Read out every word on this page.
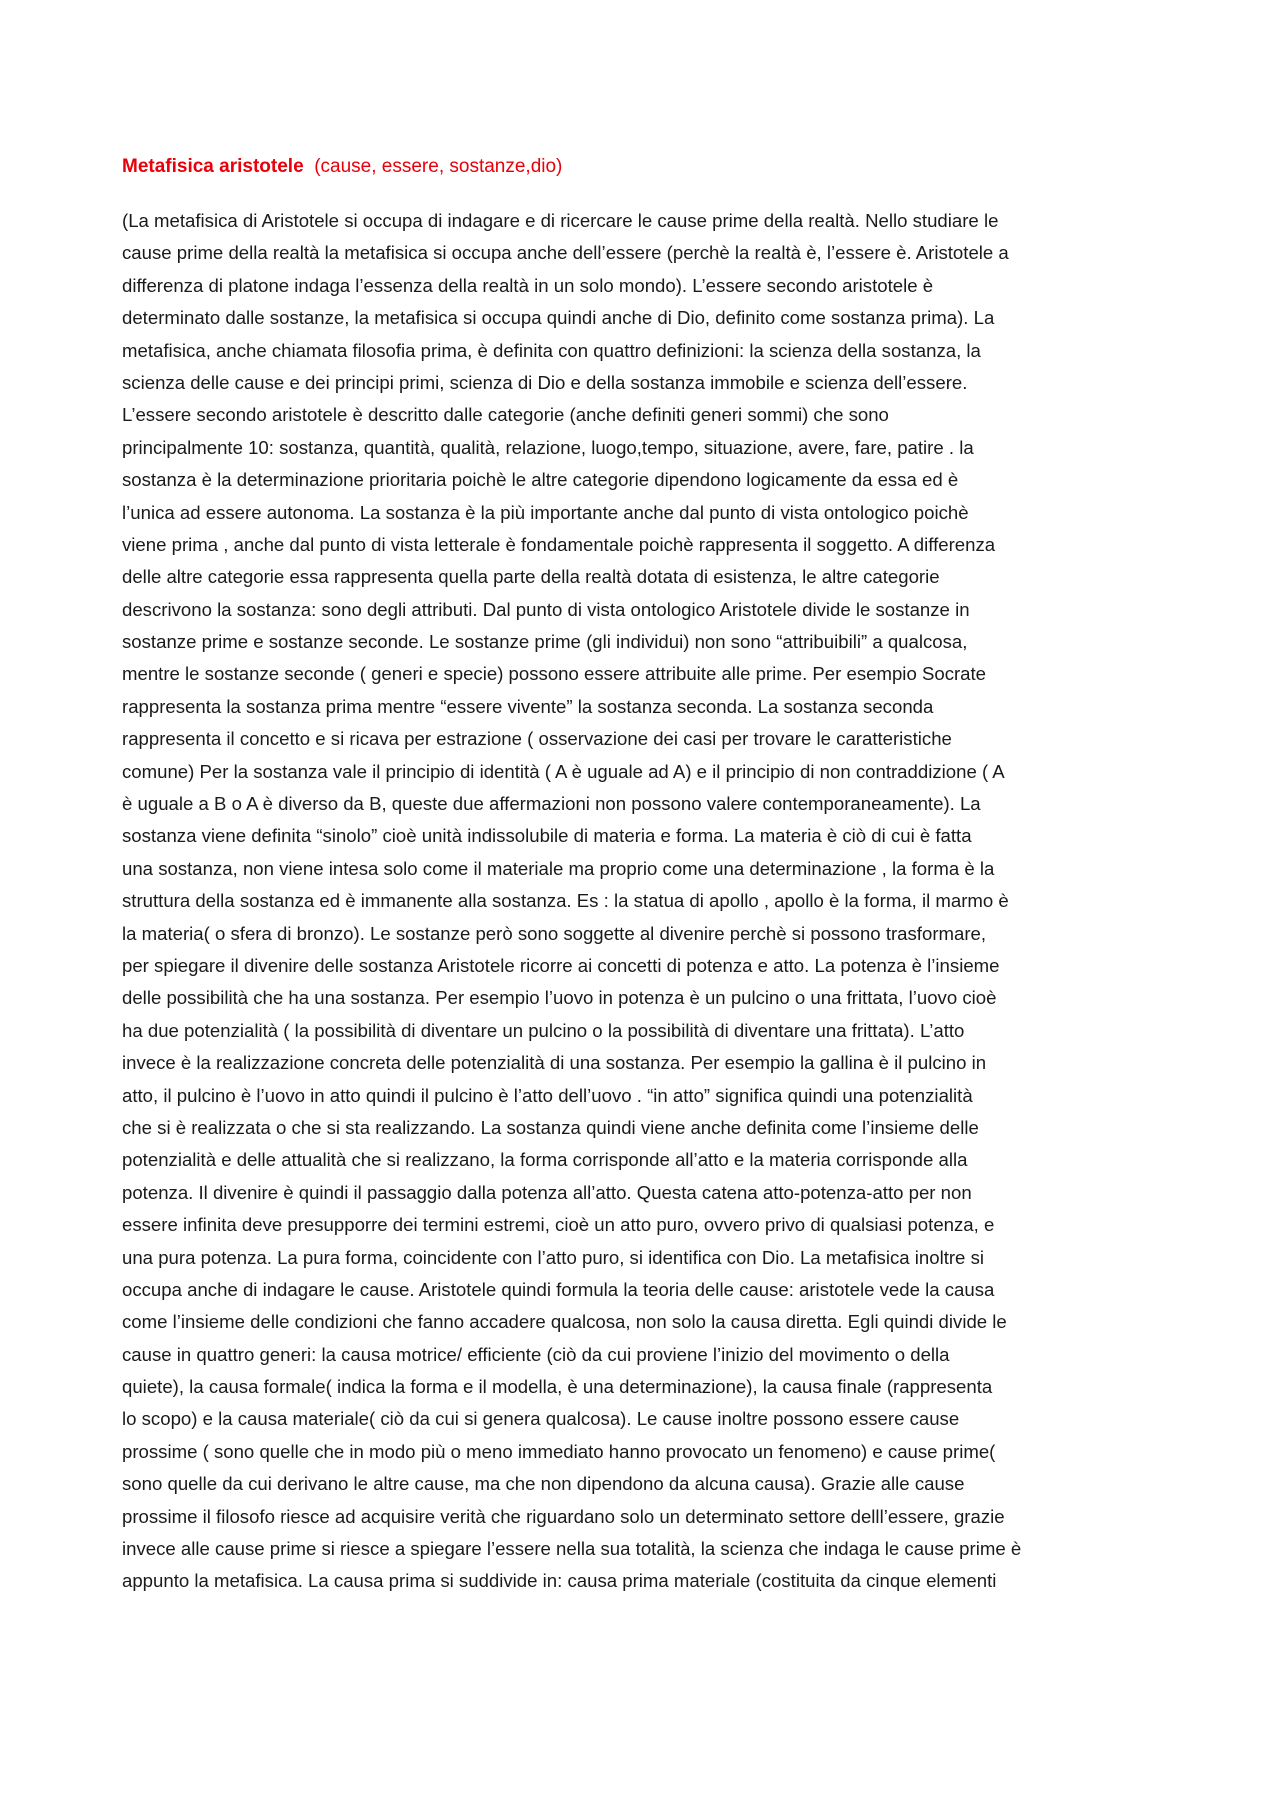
Metafisica aristotele (cause, essere, sostanze,dio)
(La metafisica di Aristotele si occupa di indagare e di ricercare le cause prime della realtà. Nello studiare le
cause prime della realtà la metafisica si occupa anche dell’essere (perchè la realtà è, l’essere è. Aristotele a
differenza di platone indaga l’essenza della realtà in un solo mondo). L’essere secondo aristotele è
determinato dalle sostanze, la metafisica si occupa quindi anche di Dio, definito come sostanza prima). La
metafisica, anche chiamata filosofia prima, è definita con quattro definizioni: la scienza della sostanza, la
scienza delle cause e dei principi primi, scienza di Dio e della sostanza immobile e scienza dell’essere.
L’essere secondo aristotele è descritto dalle categorie (anche definiti generi sommi) che sono
principalmente 10: sostanza, quantità, qualità, relazione, luogo,tempo, situazione, avere, fare, patire . la
sostanza è la determinazione prioritaria poichè le altre categorie dipendono logicamente da essa ed è
l’unica ad essere autonoma. La sostanza è la più importante anche dal punto di vista ontologico poichè
viene prima , anche dal punto di vista letterale è fondamentale poichè rappresenta il soggetto. A differenza
delle altre categorie essa rappresenta quella parte della realtà dotata di esistenza, le altre categorie
descrivono la sostanza: sono degli attributi. Dal punto di vista ontologico Aristotele divide le sostanze in
sostanze prime e sostanze seconde. Le sostanze prime (gli individui) non sono “attribuibili” a qualcosa,
mentre le sostanze seconde ( generi e specie) possono essere attribuite alle prime. Per esempio Socrate
rappresenta la sostanza prima mentre “essere vivente” la sostanza seconda. La sostanza seconda
rappresenta il concetto e si ricava per estrazione ( osservazione dei casi per trovare le caratteristiche
comune) Per la sostanza vale il principio di identità ( A è uguale ad A) e il principio di non contraddizione ( A
è uguale a B o A è diverso da B, queste due affermazioni non possono valere contemporaneamente). La
sostanza viene definita “sinolo” cioè unità indissolubile di materia e forma. La materia è ciò di cui è fatta
una sostanza, non viene intesa solo come il materiale ma proprio come una determinazione , la forma è la
struttura della sostanza ed è immanente alla sostanza. Es : la statua di apollo , apollo è la forma, il marmo è
la materia( o sfera di bronzo). Le sostanze però sono soggette al divenire perchè si possono trasformare,
per spiegare il divenire delle sostanza Aristotele ricorre ai concetti di potenza e atto. La potenza è l’insieme
delle possibilità che ha una sostanza. Per esempio l’uovo in potenza è un pulcino o una frittata, l’uovo cioè
ha due potenzialità ( la possibilità di diventare un pulcino o la possibilità di diventare una frittata). L’atto
invece è la realizzazione concreta delle potenzialità di una sostanza. Per esempio la gallina è il pulcino in
atto, il pulcino è l’uovo in atto quindi il pulcino è l’atto dell’uovo . “in atto” significa quindi una potenzialità
che si è realizzata o che si sta realizzando. La sostanza quindi viene anche definita come l’insieme delle
potenzialità e delle attualità che si realizzano, la forma corrisponde all’atto e la materia corrisponde alla
potenza. Il divenire è quindi il passaggio dalla potenza all’atto. Questa catena atto-potenza-atto per non
essere infinita deve presupporre dei termini estremi, cioè un atto puro, ovvero privo di qualsiasi potenza, e
una pura potenza. La pura forma, coincidente con l’atto puro, si identifica con Dio. La metafisica inoltre si
occupa anche di indagare le cause. Aristotele quindi formula la teoria delle cause: aristotele vede la causa
come l’insieme delle condizioni che fanno accadere qualcosa, non solo la causa diretta. Egli quindi divide le
cause in quattro generi: la causa motrice/ efficiente (ciò da cui proviene l’inizio del movimento o della
quiete), la causa formale( indica la forma e il modella, è una determinazione), la causa finale (rappresenta
lo scopo) e la causa materiale( ciò da cui si genera qualcosa). Le cause inoltre possono essere cause
prossime ( sono quelle che in modo più o meno immediato hanno provocato un fenomeno) e cause prime(
sono quelle da cui derivano le altre cause, ma che non dipendono da alcuna causa). Grazie alle cause
prossime il filosofo riesce ad acquisire verità che riguardano solo un determinato settore delll’essere, grazie
invece alle cause prime si riesce a spiegare l’essere nella sua totalità, la scienza che indaga le cause prime è
appunto la metafisica. La causa prima si suddivide in: causa prima materiale (costituita da cinque elementi
